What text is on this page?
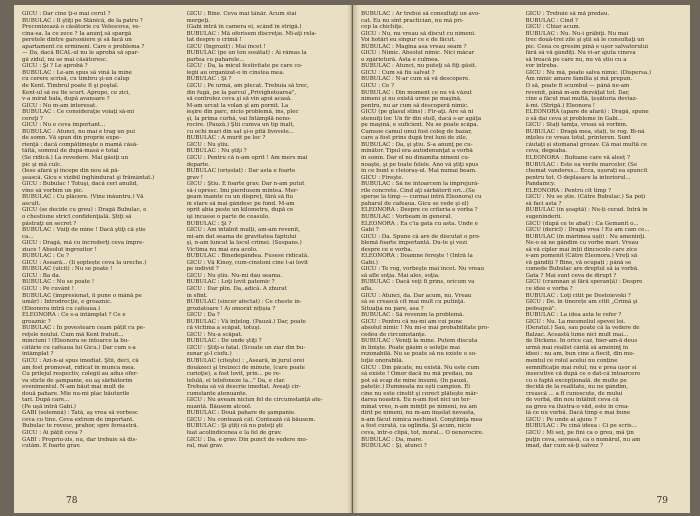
GICU : Dar cine ţi-o mai cerut ?
BUBULAC : Îl ştiţi pe Stănică, de la patru ?
Preconizează o căsătorie cu Velescova, ve-
cina-sa. Ia ce zece ? Ia anunţ să spargă
peretele dintre garsoniere şi să facă un
apartament cu ermineni. Care e problema ?
— Da, dacă BCAL-ul nu le aprobă să spar-
gă zidul, nu se mai căsătoresc.
GICU : Şi ? Le aprobă ?
BUBULAC : Le-am spus să vină la mine
cu cerere scrisă, cu timbru şi-un calup
de Kent. Timbrul poate fi şi poştal.
Kent-ul să nu fie scurt. Apropo, ce zici,
v-a mirat bala, după avansare ?
GICU : Nu m-am interesat.
BUBULAC : Ce consideraţie voiaţi să-mi
cereţi ?
GICU : Nu e ceva important...
BUBULAC : Atunci, nu mai e trag un pui
de somn. Vă spun din proprie expe-
rienţă : dacă compătimeşte o mamă căsă-
tăită, somnul de după-masă e total
(Se ridică.) La revedere. Mai găsiţi un
pic şi mă culc.
(Iese afară şi începe din nou să pă-
şească. Gicu e vizibil înghindurat şi frământat.)
GICU : Bubulac ! Totuşi, dacă ceri anulid,
vino să vorbim un pic.
BUBULAC : Cu plăcere. (Vine înăuntru.) Vă
ascult.
GICU (se decide cu greu) : Dragă Bubulac, e
o chestiune strict confidenţială. Ştiţi să
păstraţi un secret ?
BUBULAC : Vuiţi de mine ! Dacă ştiţi că știe
ca...
GICU : Dragă, mă cu încrederţi ceva împre-
ziuce ! Absolut îngrozitor !
BUBULAC : Ce ?
GICU : Aseară... (Îi șoptește ceva la ureche.)
BUBULAC (ulcit) : Nu se poate !
GICU : Ba da.
BUBULAC : Nu se poate !
GICU : Pe cuvânt !
BUBULAC (impresionat, îi pune o mână pe
umăr) : Introdrecţie, e groaznic.
(Eleonora intră cu cafeaua.)
ELEONORA : Ce s-a întâmplat ? Ce e
groaznic ?
BUBULAC : În povestearn ceam pățit cu pe-
reţele noului. Cum mă Kent fratuit...
minciuni ! (Eleonora se întoarce la bu-
cătărie cu cafeaua lui Gicu.) Dar cum s-a
întâmplat ?
GICU : Azi-n-ai spus imediat. Ştii, deci, că
am fost promovat, ridicat în munca mea.
Cu prilejul respectiv, colegii au adus ofer-
va sticle de şampanie, eu aş sărbătorim
evenimentul. N-am băut mai mult de
două pahare. Mie nu-mi plac băuturile
tari. După care...
(Pe ușă intră Gabi.)
GABI (solemnă) : Tată, aş vrea să vorbesc
ceva cu tine. Ceva extrem de important.
Bubulac te rovesc, prahor, spre fereastră.
GICU : Ai pățit ceva ?
GABI : Propriu-zis, nu, dar trebuie să dis-
cutăm. E foarte grav.
GICU : Bine. Ceva mai tânăr. Acum stai
mergeţi.
(Gabi intră în camera ei, scând în strigă.)
BUBULAC : Mă oferisem discreţie. Mi-aţi rela-
tat despre o crimă !
GICU (Ingrozit) : Mai încet !
BUBULAC (pe un ton sosătat) : Ai râmas la
partea cu paharele...
GICU : Da, la micul festivitate pe care co-
legii au organizat-o în cinstea mea.
BUBULAC : Şi ?
GICU : Pe urmă, am plecat. Trebuia să trec,
din fugă, pe la parcul „Privighetoarea",
să controlez ceva şi să vin apoi acasă.
M-am urcat la volan şi am pornit. La
ieşire din parc, nicio problemă, îns, plec
şi, la prima curbă, vai Intâmplă neno-
rocire. (Pauză.) Ştii cumva un tip înalt,
cu ochi mari din sat şi-o pită livovele...
BUBULAC : A murit pe loc ?
GICU : Nu ştiu.
BUBULAC : Nu ştiţi ?
GICU : Pentru că n-am oprit ! Am mers mai
departe.
BUBULAC (orișolat) : Dar asta e foarte
grav !
GICU : Ştiu. E foarte grav. Dar n-am putut
să-i opresc. Imi pierdusem mintea. Mer-
geam înainte cu un dispreț, fără să fiu
în stare să mai gândesc pe fond. M-am
oprit abia peste un kilometru, după ce
îşi încasse o parte de ceasulo.
BUBULAC : Şi ?
GICU : Am întâlnit mulți, am-am revenit,
mi-am dat seama de gravitatea faptului
şi, n-am luncat la locul crimei. (Suspans.)
Victima nu mai era acolo.
BUBULAC : Binedegândea. Fusese ridicată.
GICU : Vă Kinoy, cum-cinstoni cine l-ai lovit
pe individ ?
GICU : Nu ştiu. Nu-mi dau seama.
BUBULAC : Loţi lovit patemic ?
GICU : Dar plin. Da, adică. A zburat
în sfînt.
BUBULAC (sincer afectat) : Ce cheste in-
groziatoare ! Ai omorât nițișia ?
GICU : Da ?
BUBULAC : Vă înțelog. (Pauză.) Dar, poate
că victima a scăpat, totuşi.
GICU : Nu-a scăpat.
BUBULAC : De unde ştiţi ?
GICU : Ştiţi-o fatal. (Scoate un ziar din bu-
zunar şi-l ciofu.)
BUBULAC (citeşte) : „Aseară, în jurul orei
douăzeci şi treizeci de minute, (care poate
curioţie), a fost lovit, prin... pe re-
telulă, el telefoneze la..." Da, e clar.
Trebuia să vă descrie imediat. Aveaţi cir-
cumstante atenuante.
GICU : Nu aveam niciun fel de circumstanță ate-
nuantă. Băusem alcool.
BUBULAC : Două pahare de şampanie.
GICU : Nu contează cât. Contează că băusem.
BUBULAC : Şi ştiți că nu puteţi şti
luat acolindicenea e la fel de grav.
GICU : Da. e grav. Din punct de vedere mo-
ral, mai grav.
78
BUBULAC : Ar trebui să consultaţi un avo-
cat. Eu nu sînt practician, nu mă pri-
cep la chichiţe.
GICU : Nu, nu vreau să discut cu nimeni.
Voi hotărî eu singur ce e de făcut.
BUBULAC : Magina asa vreau seam ?
GICU : Nimic. Absolut nimic. Nici măcar
o zgârietură. Asta e culmea.
BUBULAC : Atunci, nu puteţi să fiţi găsit.
GICU : Cum să fiu salvat ?
BUBULAC : N-ar cum să vă descopere.
GICU : Ce ?
BUBULAC : Din moment ce nu vă văzut
nimeni şi nu există urme pe maşină,
pentru, nu ar cum să descoperă nimic.
GICU (pe glasul stins) : Fir-aţi. Are să ni
stenuiţi lor. Un fir din stoll, dacă s-ar agăţa
pe maşină, e suficient. Nu se poate scăpa.
Cumsoe camul unui fost coleg de bazar,
care a fost prins după trei luni de zile.
BUBULAC : Da, şi ştiu. S-a anunţ pe cu-
minător. Tipul era autodenunţat a vorbă
în somn. Dar el nu dinamita nimeni cu-
noaşte, şi pe toate felele. Ano vă ştiţi spus
în ce bunt e cleioraș-ul. Mai numai beam.
GICU : Fireşte.
BUBULAC : Să ne întoarcem la imprejură-
rile concrete. Cind aţi sărbătorit ori...(Se
sperșe la timp — curmai intră Eleonora) cu
paharul de cafeaua. Gicu se vede şi el)
ELEONORA : Despre ce criteria e vorba ?
BUBULAC : Vorbeam în general.
ELEONORA : Ea c'ia gata cu asta. Unde e
Gabi ?
GICU : Da. Spune că are de discutat o pro-
blemă foarte importantă. Du-te şi vezi
despre ce e vorba.
ELEONORA : Doamne fereşte ! (Intră la
Gabi.)
GICU : Te rog, vorbeşte mai încet. Nu vreau
să afle soţia. Mai ales, soţia.
BUBULAC : Dacă veţi fi prins, oricum va
afla.
GICU : Atunci, da. Dar acum, nu. Vreau
să se crească cît mai mult cu putinţă.
Situaţia nu pare, asa ?
BUBULAC : Să revenim la problemă.
GICU : Pentru că nu-mi am cui pune
absolut nimic ! Nu mi-e mai probabilitate pro-
cedeu de circumstanțe.
BUBULAC : Veniţi la mine. Putem discuta
în linişte. Poate găsim o soluţie mai
rezonabilă. Nu se poate să nu existe o so-
luţie onorabilă.
GICU : Din păcate, nu există. Nu este cum
să existe ! Omor dacă nu mă predau, nu
pot să scap de mine însumi. (În pauză,
patetic.) Dumneata nu ești campion. Ei
cine nu este cinstit şi corect plătește măr-
darea noastră. Eu n-am fost nici un ter-
minat vreo, n-am mințit pe nimeni, nu am
dirit pe nimeni, nu m-am înșelat nevasta,
n-am făcut nimica nechinst. Conştiinţa mea
a fost curată, ca oglinda. Şi acum, nicio
ceva, într-o clipă, tot, moral... O nenorocire.
BUBULAC : Da, mare.
BUBULAC : Şi, atunci ?
GICU : Trebuie să mă predau.
BUBULAC : Cind ?
GICU : Chiar acum.
BUBULAC : Nu. Nu-i grăbiţi. Nu mai
trec două-trei zile şi ştii să le consultaţi un
pic. Ceea ce gresim pînă e ușor salvatorului
fără să vă gândiți. Nu vi-ar ajuta cineva
să treacă pe care nu, nu vă știu cu a
vor întreba.
GICU : Nu mă, poate salva nimic. (Dispersa.)
Am nimic amare familia și mă prepun.
O să, poate fi scumbul — până ne-am
revenit, până m-am dezvățat tot. Dar,
cine a făcut mai multă, țeșătoria deviaz-
ă-mi. (Strigă.) Eleonora !
ELEONORA (apare de afară) : Dragă, spune
o să dai ceva și probleme în Gabi...
GICU : Stați tamţa, vreau să vorbim.
BUBULAC : Dragă mea, stați, te rog. Bi-nă
înțeles ce vreau totul, printeren. Sunt
căutați și stomanal grozav. Că mai multă ce
ceva, degeaba.
ELEONORA : Bufoane care vă aleeț ?
BUBULAC : Este ea verile marcelor. (Se
chemat vanderes... Ecca, ușurați ea spuncit
pentru tot. O deplasare la interiorul...
Pandamcy.
ELEONORA : Pentru cît timp ?
GICU : Nu se știe. (Către Bubulac.) Sa poți
să faci asta ?
BUBULAC (în șoaptă) : Nu-ți cerad. Intră în
sugeninderii.
GICU (după ce te abat) : Ca Gemanit o...
GICU (dericl) : Dragă vrea ! Eu am cam ce...
BUBULAC (în mărimea ușii) : Nu ameninţi.
Ne-o să ne gândim cu vorbe mari. Vreau
să vă cipler mai înții dincocolo care zice
v-am pomenit (Către Eleonora.) Vreți să
vă gândiți ? Bine, vă ocupați ; până se
comede Bubulac are dreptul să ia vorbă.
Gata ? Mai sunt ceva de dirupt ?
GICU (cramnan și fără speranță) : Despre
ce idee e vorba ?
BUBULAC : Loţi citit pe Dostoievski ?
GICU : De. în tinerețe am citit „Crimă şi
pedeapsă".
BUBULAC : La idea asta te refer ?
GICU : Nu. La mesmeliul spevei loi.
(Deratul.) Sau, sau poate că la vedere de
Balzac. Această lume nici mult mai...
de Dickens. În orice caz, hier-am-ă deus
urmă mai realist cântă să ameninţ în
ideei : nu am, bun cine a fiecit, din mo-
mentul ce rolul acelui nu conține
semnificaţie mai rolul, nu e prea ușor si
însecutive că după ce o dat-că întoarcere
cu o faptă excepțională. de multe pe
decidă de la realitate, nu ne gândim,
crească ... a fi cunoscute, de mului
de vorbă, din nou întâlnit ceva că
ea greu va ilustra-o văd, este în crea-
tă ce nu vorbă. Dacă timp e mai bune
GICU : Pe unde ai ajuns ?
BUBULAC : Pe cină ideea : Ci pe scris...
GICU : Mi seț, pe fini ca o greu, mă ţin
puţin ceva, seroasă, ca o numărul, nu am
imad, dar cum să-ţi salvez ?
79
